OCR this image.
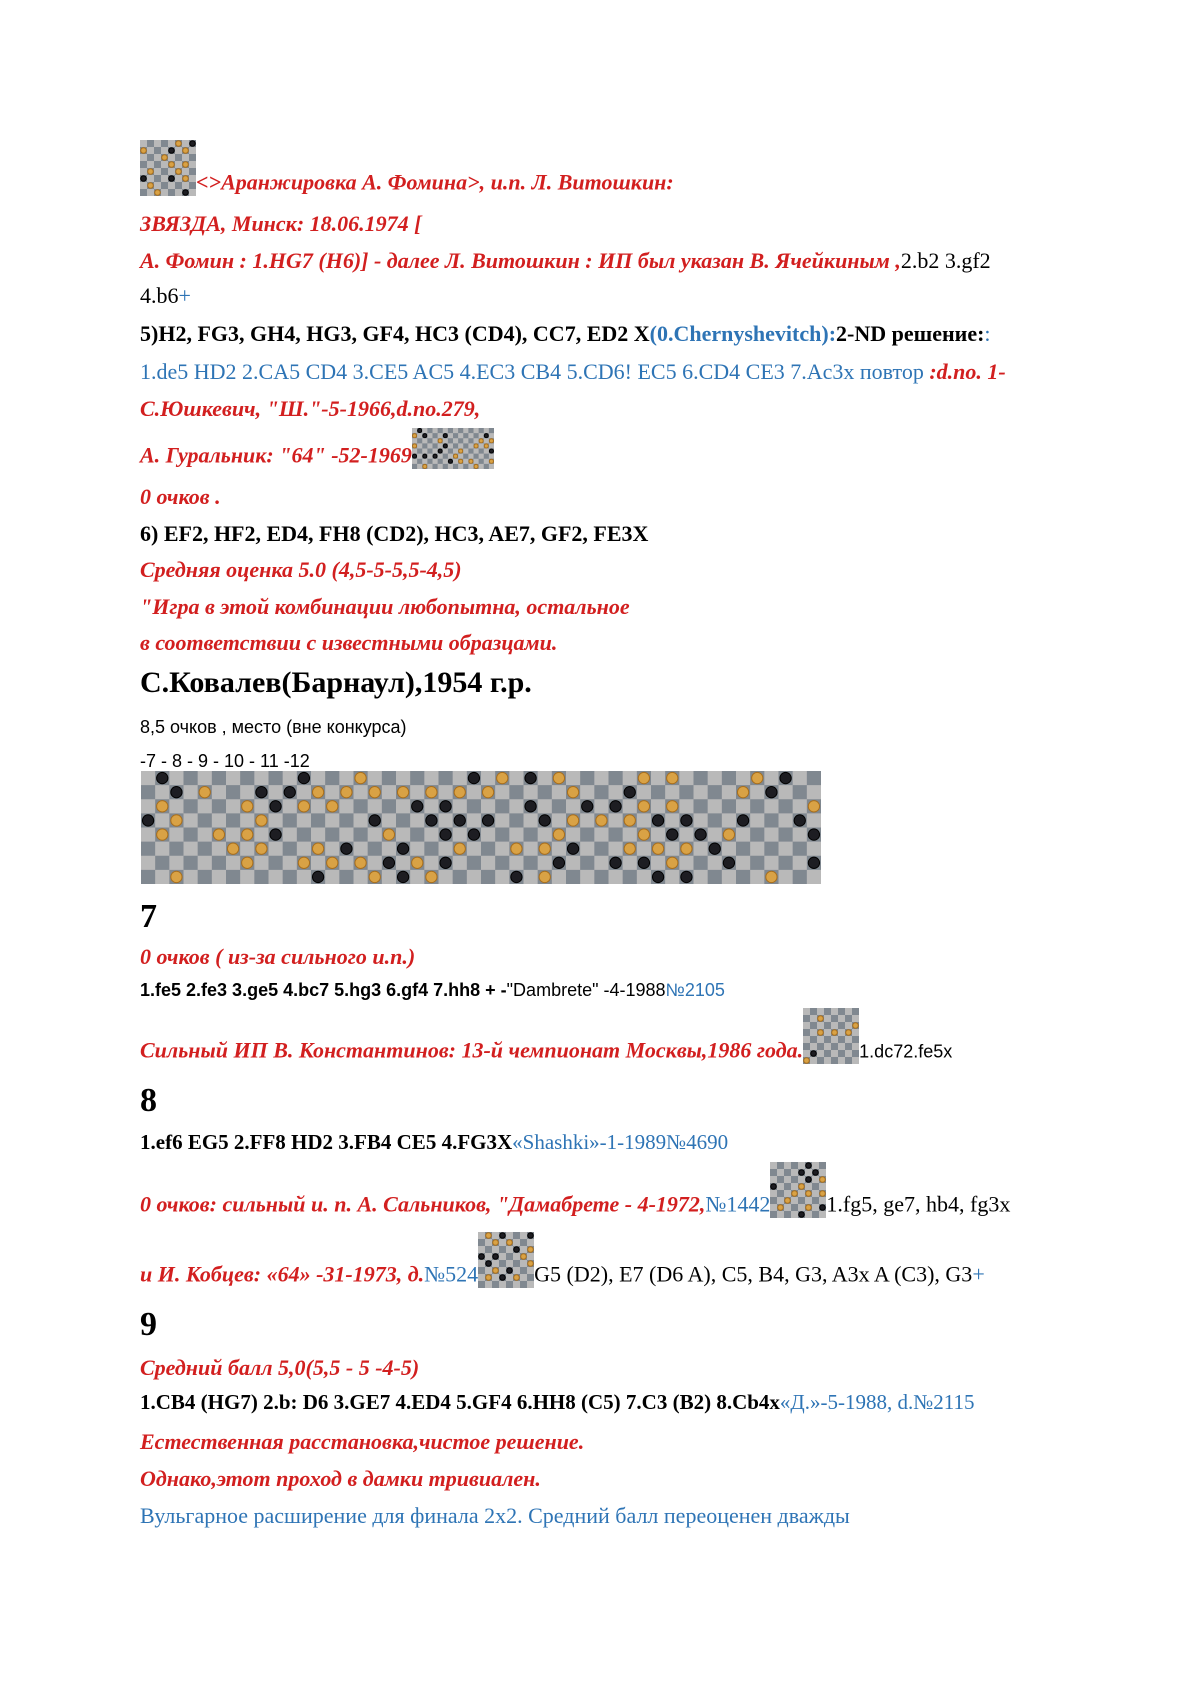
<>Аранжировка А. Фомина>, и.п. Л. Витошкин:
ЗВЯЗДА, Минск: 18.06.1974 [
А. Фомин : 1.HG7 (H6)] - далее Л. Витошкин : ИП был указан В. Ячейкиным ,2.b2 3.gf2
4.b6+
5)H2, FG3, GH4, HG3, GF4, HC3 (CD4), CC7, ED2 X(0.Chernyshevitch):2-ND решение::
1.de5 HD2 2.CA5 CD4 3.CE5 AC5 4.EC3 CB4 5.CD6! EC5 6.CD4 CE3 7.Ac3x повтор :d.no. 1-
С.Юшкевич, "Ш."-5-1966,d.no.279,
А. Гуральник: "64" -52-1969
0 очков .
6) EF2, HF2, ED4, FH8 (CD2), HC3, AE7, GF2, FE3X
Средняя оценка 5.0 (4,5-5-5,5-4,5)
"Игра в этой комбинации любопытна, остальное
в соответствии с известными образцами.
С.Ковалев(Барнаул),1954 г.р.
8,5 очков , место (вне конкурса)
-7 - 8 - 9 - 10 - 11 -12
7
0 очков ( из-за сильного и.п.)
1.fe5 2.fe3 3.ge5 4.bc7 5.hg3 6.gf4 7.hh8 + -"Dambrete" -4-1988№2105
Сильный ИП В. Константинов: 13-й чемпионат Москвы,1986 года.	1.dc72.fe5x
8
1.ef6 EG5 2.FF8 HD2 3.FB4 CE5 4.FG3X«Shashki»-1-1989№4690
0 очков: сильный и. п. А. Сальников, "Дамабрете - 4-1972,№1442	1.fg5, ge7, hb4, fg3x
и И. Кобцев: «64» -31-1973, д.№524	G5 (D2), E7 (D6 A), C5, B4, G3, A3x A (C3), G3+
9
Средний балл 5,0(5,5 - 5 -4-5)
1.CB4 (HG7) 2.b: D6 3.GE7 4.ED4 5.GF4 6.HH8 (C5) 7.C3 (B2) 8.Cb4x«Д.»-5-1988, d.№2115
Естественная расстановка,чистое решение.
Однако,этот проход в дамки тривиален.
Вульгарное расширение для финала 2x2. Средний балл переоценен дважды
